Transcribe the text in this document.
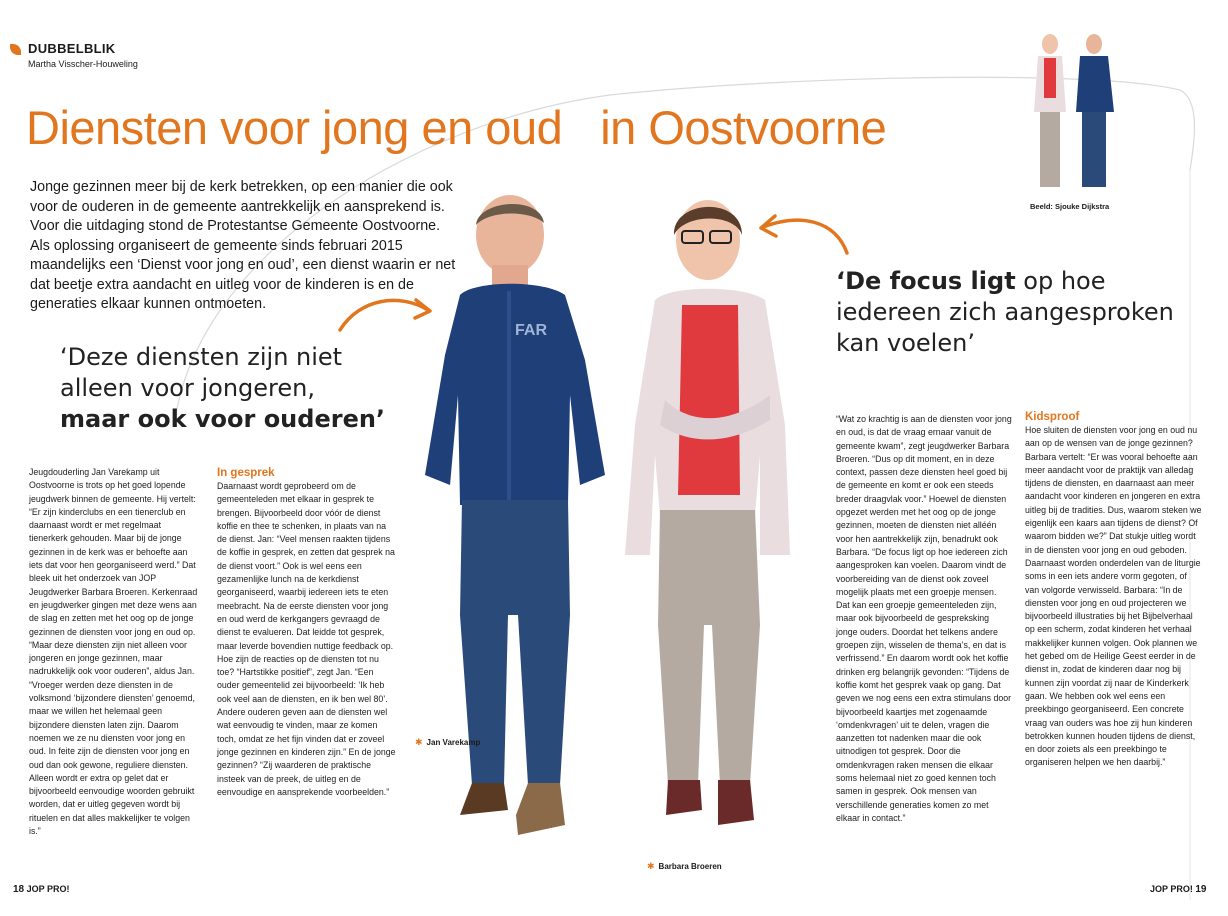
DUBBELBLIK
Martha Visscher-Houweling
Diensten voor jong en oud in Oostvoorne
Jonge gezinnen meer bij de kerk betrekken, op een manier die ook voor de ouderen in de gemeente aantrekkelijk en aansprekend is. Voor die uitdaging stond de Protestantse Gemeente Oostvoorne. Als oplossing organiseert de gemeente sinds februari 2015 maandelijks een ‘Dienst voor jong en oud’, een dienst waarin er net dat beetje extra aandacht en uitleg voor de kinderen is en de generaties elkaar kunnen ontmoeten.
‘Deze diensten zijn niet
alleen voor jongeren,
maar ook voor ouderen’
‘De focus ligt op hoe
iedereen zich aangesproken
kan voelen’
FAR
Beeld: Sjouke Dijkstra
✱ Jan Varekamp
✱ Barbara Broeren
Jeugdouderling Jan Varekamp uit Oostvoorne is trots op het goed lopende jeugdwerk binnen de gemeente. Hij vertelt: “Er zijn kinderclubs en een tienerclub en daarnaast wordt er met regelmaat tienerkerk gehouden. Maar bij de jonge gezinnen in de kerk was er behoefte aan iets dat voor hen georganiseerd werd.” Dat bleek uit het onderzoek van JOP Jeugdwerker Barbara Broeren. Kerkenraad en jeugdwerker gingen met deze wens aan de slag en zetten met het oog op de jonge gezinnen de diensten voor jong en oud op. “Maar deze diensten zijn niet alleen voor jongeren en jonge gezinnen, maar nadrukkelijk ook voor ouderen”, aldus Jan. “Vroeger werden deze diensten in de volksmond ‘bijzondere diensten’ genoemd, maar we willen het helemaal geen bijzondere diensten laten zijn. Daarom noemen we ze nu diensten voor jong en oud. In feite zijn de diensten voor jong en oud dan ook gewone, reguliere diensten. Alleen wordt er extra op gelet dat er bijvoorbeeld eenvoudige woorden gebruikt worden, dat er uitleg gegeven wordt bij rituelen en dat alles makkelijker te volgen is.”
In gesprek
Daarnaast wordt geprobeerd om de gemeenteleden met elkaar in gesprek te brengen. Bijvoorbeeld door vóór de dienst koffie en thee te schenken, in plaats van na de dienst. Jan: “Veel mensen raakten tijdens de koffie in gesprek, en zetten dat gesprek na de dienst voort.” Ook is wel eens een gezamenlijke lunch na de kerkdienst georganiseerd, waarbij iedereen iets te eten meebracht. Na de eerste diensten voor jong en oud werd de kerkgangers gevraagd de dienst te evalueren. Dat leidde tot gesprek, maar leverde bovendien nuttige feedback op. Hoe zijn de reacties op de diensten tot nu toe? “Hartstikke positief”, zegt Jan. “Een ouder gemeentelid zei bijvoorbeeld: ‘Ik heb ook veel aan de diensten, en ik ben wel 80’. Andere ouderen geven aan de diensten wel wat eenvoudig te vinden, maar ze komen toch, omdat ze het fijn vinden dat er zoveel jonge gezinnen en kinderen zijn.” En de jonge gezinnen? “Zij waarderen de praktische insteek van de preek, de uitleg en de eenvoudige en aansprekende voorbeelden.”
“Wat zo krachtig is aan de diensten voor jong en oud, is dat de vraag ernaar vanuit de gemeente kwam”, zegt jeugdwerker Barbara Broeren. “Dus op dit moment, en in deze context, passen deze diensten heel goed bij de gemeente en komt er ook een steeds breder draagvlak voor.” Hoewel de diensten opgezet werden met het oog op de jonge gezinnen, moeten de diensten niet alléén voor hen aantrekkelijk zijn, benadrukt ook Barbara. “De focus ligt op hoe iedereen zich aangesproken kan voelen. Daarom vindt de voorbereiding van de dienst ook zoveel mogelijk plaats met een groepje mensen. Dat kan een groepje gemeenteleden zijn, maar ook bijvoorbeeld de gespreksking jonge ouders. Doordat het telkens andere groepen zijn, wisselen de thema’s, en dat is verfrissend.” En daarom wordt ook het koffie drinken erg belangrijk gevonden: “Tijdens de koffie komt het gesprek vaak op gang. Dat geven we nog eens een extra stimulans door bijvoorbeeld kaartjes met zogenaamde ‘omdenkvragen’ uit te delen, vragen die aanzetten tot nadenken maar die ook uitnodigen tot gesprek. Door die omdenkvragen raken mensen die elkaar soms helemaal niet zo goed kennen toch samen in gesprek. Ook mensen van verschillende generaties komen zo met elkaar in contact.”
Kidsproof
Hoe sluiten de diensten voor jong en oud nu aan op de wensen van de jonge gezinnen? Barbara vertelt: “Er was vooral behoefte aan meer aandacht voor de praktijk van alledag tijdens de diensten, en daarnaast aan meer aandacht voor kinderen en jongeren en extra uitleg bij de tradities. Dus, waarom steken we eigenlijk een kaars aan tijdens de dienst? Of waarom bidden we?” Dat stukje uitleg wordt in de diensten voor jong en oud geboden. Daarnaast worden onderdelen van de liturgie soms in een iets andere vorm gegoten, of van volgorde verwisseld. Barbara: “In de diensten voor jong en oud projecteren we bijvoorbeeld illustraties bij het Bijbelverhaal op een scherm, zodat kinderen het verhaal makkelijker kunnen volgen. Ook plannen we het gebed om de Heilige Geest eerder in de dienst in, zodat de kinderen daar nog bij kunnen zijn voordat zij naar de Kinderkerk gaan. We hebben ook wel eens een preekbingo georganiseerd. Een concrete vraag van ouders was hoe zij hun kinderen betrokken kunnen houden tijdens de dienst, en door zoiets als een preekbingo te organiseren helpen we hen daarbij.”
18 JOP PRO!	JOP PRO! 19
